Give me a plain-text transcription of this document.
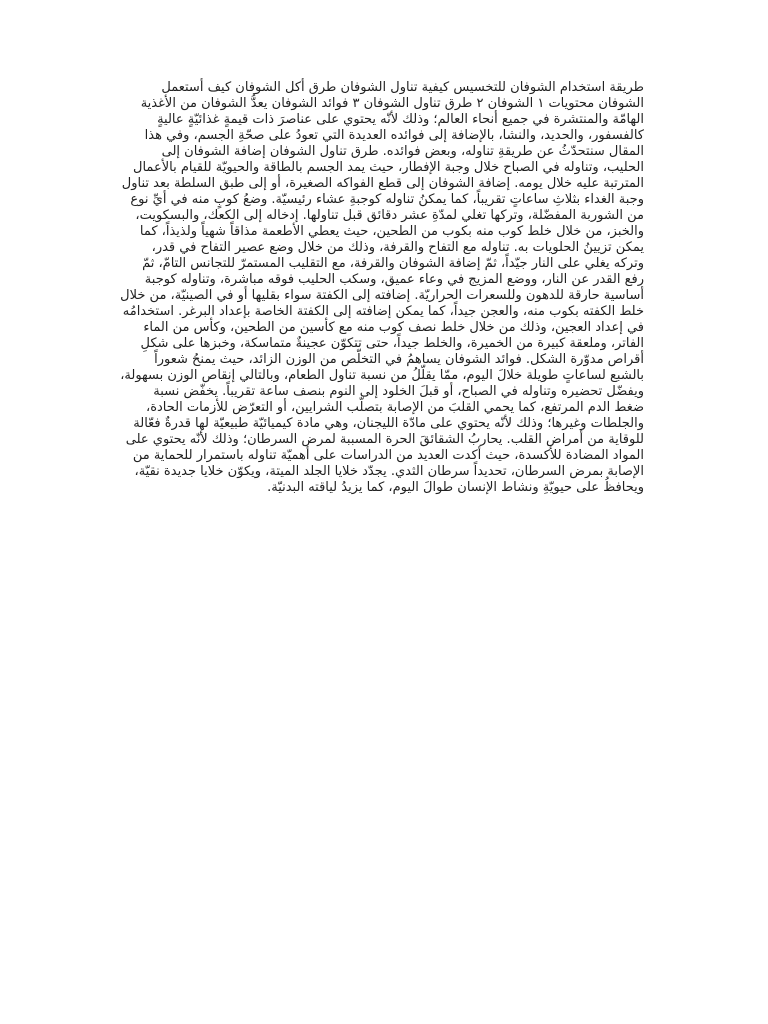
طريقة استخدام الشوفان للتخسيس كيفية تناول الشوفان طرق أكل الشوفان كيف أستعمل الشوفان محتويات ١ الشوفان ٢ طرق تناول الشوفان ٣ فوائد الشوفان يعدُّ الشوفان من الأغذية الهامّة والمنتشرة في جميع أنحاء العالم؛ وذلك لأنّه يحتوي على عناصرَ ذات قيمةٍ غذائيّةٍ عاليةٍ كالفسفور، والحديد، والنشا، بالإضافة إلى فوائده العديدة التي تعودُ على صحّةِ الجسم، وفي هذا المقال سنتحدّثُ عن طريقةِ تناوله، وبعض فوائده. طرق تناول الشوفان إضافة الشوفان إلى الحليب، وتناوله في الصباح خلال وجبة الإفطار، حيث يمد الجسم بالطاقة والحيويّة للقيام بالأعمال المترتبة عليه خلال يومه. إضافة الشوفان إلى قطع الفواكه الصغيرة، أو إلى طبق السلطة بعد تناول وجبة الغداء بثلاثِ ساعاتٍ تقريباً، كما يمكنُ تناوله كوجبةِ عشاء رئيسيّة. وضعُ كوبٍ منه في أيِّ نوع من الشوربة المفضّلة، وتركها تغلي لمدّةِ عشر دقائق قبل تناولها. إدخاله إلى الكعك، والبسكويت، والخبز، من خلال خلط كوب منه بكوب من الطحين، حيث يعطي الأطعمة مذاقاً شهياً ولذيذاً، كما يمكن تزيينُ الحلويات به. تناوله مع التفاح والقرفة، وذلك من خلال وضع عصير التفاح في قدر، وتركه يغلي على النار جيّداً، ثمّ إضافة الشوفان والقرفة، مع التقليب المستمرّ للتجانس التامّ، ثمّ رفع القدر عن النار، ووضع المزيج في وعاء عميق، وسكب الحليب فوقه مباشرة، وتناوله كوجبة أساسية حارقة للدهون وللسعرات الحراريّة. إضافته إلى الكفتة سواء بقليها أو في الصينيّة، من خلال خلط الكفته بكوب منه، والعجن جيداً، كما يمكن إضافته إلى الكفتة الخاصة بإعداد البرغر. استخدامُه في إعداد العجين، وذلك من خلال خلط نصف كوب منه مع كأسين من الطحين، وكأس من الماء الفاتر، وملعقة كبيرة من الخميرة، والخلط جيداً، حتى تتكوّن عجينةٌ متماسكة، وخبزها على شكلِ أقراص مدوّرة الشكل. فوائد الشوفان يساهمُ في التخلّص من الوزن الزائد، حيث يمنحُ شعوراً بالشبع لساعاتٍ طويلة خلالَ اليوم، ممّا يقلّلُ من نسبة تناول الطعام، وبالتالي إنقاص الوزن بسهولة، ويفضّل تحضيره وتناوله في الصباح، أو قبلَ الخلود إلى النوم بنصف ساعة تقريباً. يخفّض نسبة ضغط الدم المرتفع، كما يحمي القلبَ من الإصابة بتصلّب الشرايين، أو التعرّض للأزمات الحادة، والجلطات وغيرها؛ وذلك لأنّه يحتوي على مادّة الليجنان، وهي مادة كيميائيّة طبيعيّة لها قدرةٌ فعّالة للوقاية من أمراض القلب. يحاربُ الشقائقَ الحرة المسببة لمرض السرطان؛ وذلك لأنّه يحتوي على المواد المضادة للأكسدة، حيث أكدت العديد من الدراسات على أهميّة تناوله باستمرار للحماية من الإصابة بمرض السرطان، تحديداً سرطان الثدي. يجدّد خلايا الجلد الميتة، ويكوّن خلايا جديدة نقيّة، ويحافظُ على حيويّةِ ونشاط الإنسان طوالَ اليوم، كما يزيدُ لياقته البدنيّة.
